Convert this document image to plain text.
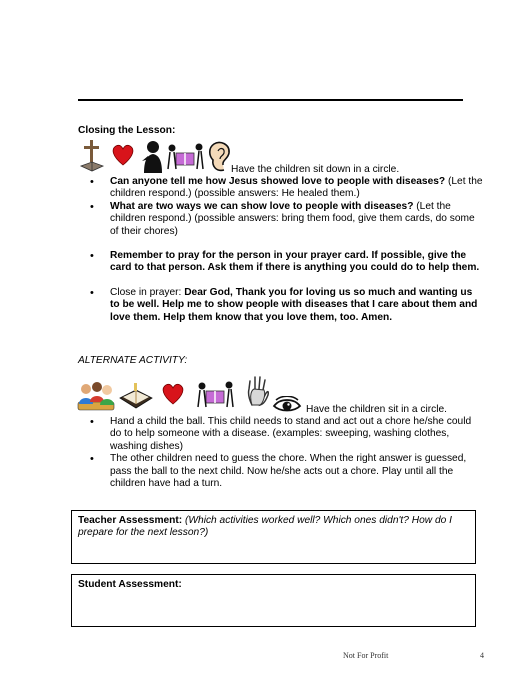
Closing the Lesson:
Have the children sit down in a circle.
• Can anyone tell me how Jesus showed love to people with diseases? (Let the children respond.) (possible answers: He healed them.)
• What are two ways we can show love to people with diseases? (Let the children respond.) (possible answers: bring them food, give them cards, do some of their chores)
• Remember to pray for the person in your prayer card. If possible, give the card to that person. Ask them if there is anything you could do to help them.
• Close in prayer: Dear God, Thank you for loving us so much and wanting us to be well. Help me to show people with diseases that I care about them and love them. Help them know that you love them, too. Amen.
ALTERNATE ACTIVITY:
Have the children sit in a circle.
• Hand a child the ball. This child needs to stand and act out a chore he/she could do to help someone with a disease. (examples: sweeping, washing clothes, washing dishes)
• The other children need to guess the chore. When the right answer is guessed, pass the ball to the next child. Now he/she acts out a chore. Play until all the children have had a turn.
Teacher Assessment: (Which activities worked well? Which ones didn't? How do I prepare for the next lesson?)
Student Assessment:
Not For Profit	4
